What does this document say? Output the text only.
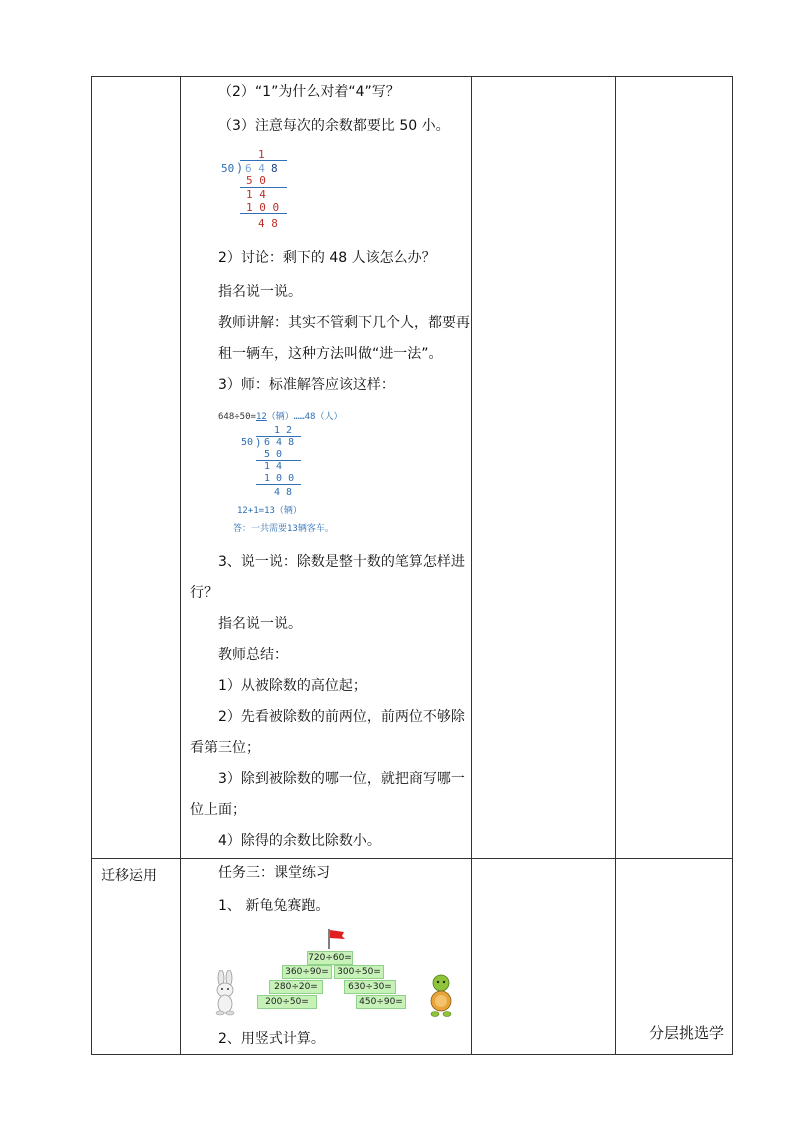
迁移运用
分层挑选学
（2）“1”为什么对着“4”写？
（3）注意每次的余数都要比 50 小。
1
50 ) 6 4 8
5 0
1 4
1 0 0
4 8
2）讨论：剩下的 48 人该怎么办？
指名说一说。
教师讲解：其实不管剩下几个人，都要再
租一辆车，这种方法叫做“进一法”。
3）师：标准解答应该这样：
648÷50=12（辆）……48（人）
1 2
50 ) 6 4 8
5 0
1 4
1 0 0
4 8
12+1=13（辆）
答：一共需要13辆客车。
3、说一说：除数是整十数的笔算怎样进
行？
指名说一说。
教师总结：
1）从被除数的高位起；
2）先看被除数的前两位，前两位不够除
看第三位；
3）除到被除数的哪一位，就把商写哪一
位上面；
4）除得的余数比除数小。
任务三：课堂练习
1、 新龟兔赛跑。
720÷60=
360÷90= 300÷50=
280÷20=	630÷30=
200÷50=	450÷90=
2、用竖式计算。
